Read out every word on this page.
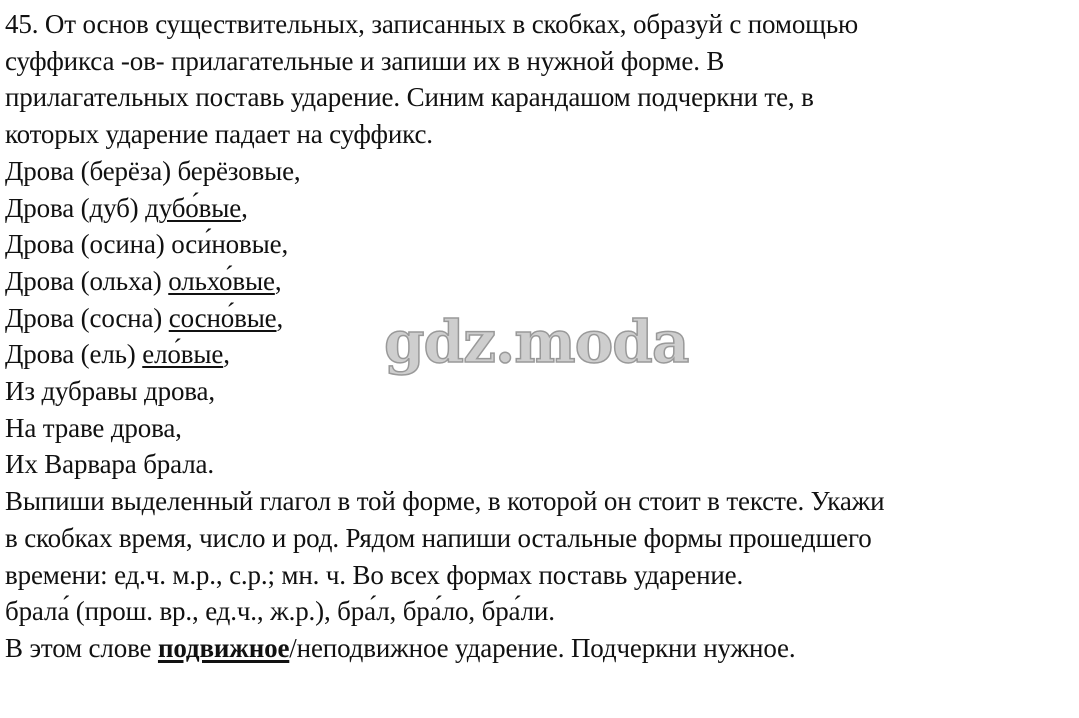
45. От основ существительных, записанных в скобках, образуй с помощью

суффикса -ов- прилагательные и запиши их в нужной форме. В

прилагательных поставь ударение. Синим карандашом подчеркни те, в

которых ударение падает на суффикс.

Дрова (берёза) берёзовые,

Дрова (дуб) дубо́вые,

Дрова (осина) оси́новые,

Дрова (ольха) ольхо́вые,

Дрова (сосна) сосно́вые,

Дрова (ель) ело́вые,

Из дубравы дрова,

На траве дрова,

Их Варвара брала.

Выпиши выделенный глагол в той форме, в которой он стоит в тексте. Укажи

в скобках время, число и род. Рядом напиши остальные формы прошедшего

времени: ед.ч. м.р., с.р.; мн. ч. Во всех формах поставь ударение.

брала́ (прош. вр., ед.ч., ж.р.), бра́л, бра́ло, бра́ли.

В этом слове подвижное/неподвижное ударение. Подчеркни нужное.

gdz.moda
